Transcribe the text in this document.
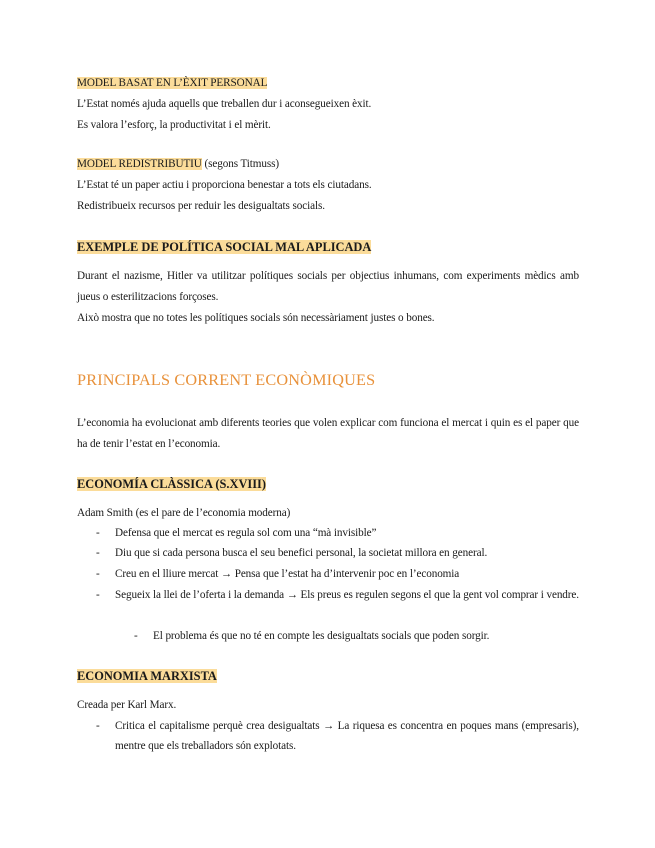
MODEL BASAT EN L’ÈXIT PERSONAL
L’Estat només ajuda aquells que treballen dur i aconsegueixen èxit.
Es valora l’esforç, la productivitat i el mèrit.
MODEL REDISTRIBUTIU (segons Titmuss)
L’Estat té un paper actiu i proporciona benestar a tots els ciutadans.
Redistribueix recursos per reduir les desigualtats socials.
EXEMPLE DE POLÍTICA SOCIAL MAL APLICADA
Durant el nazisme, Hitler va utilitzar polítiques socials per objectius inhumans, com experiments mèdics amb jueus o esterilitzacions forçoses.
Això mostra que no totes les polítiques socials són necessàriament justes o bones.
PRINCIPALS CORRENT ECONÒMIQUES
L’economia ha evolucionat amb diferents teories que volen explicar com funciona el mercat i quin es el paper que ha de tenir l’estat en l’economia.
ECONOMÍA CLÀSSICA (S.XVIII)
Adam Smith (es el pare de l’economia moderna)
- Defensa que el mercat es regula sol com una “mà invisible”
- Diu que si cada persona busca el seu benefici personal, la societat millora en general.
- Creu en el lliure mercat → Pensa que l’estat ha d’intervenir poc en l’economia
- Segueix la llei de l’oferta i la demanda → Els preus es regulen segons el que la gent vol comprar i vendre.
- El problema és que no té en compte les desigualtats socials que poden sorgir.
ECONOMIA MARXISTA
Creada per Karl Marx.
- Critica el capitalisme perquè crea desigualtats → La riquesa es concentra en poques mans (empresaris), mentre que els treballadors són explotats.
